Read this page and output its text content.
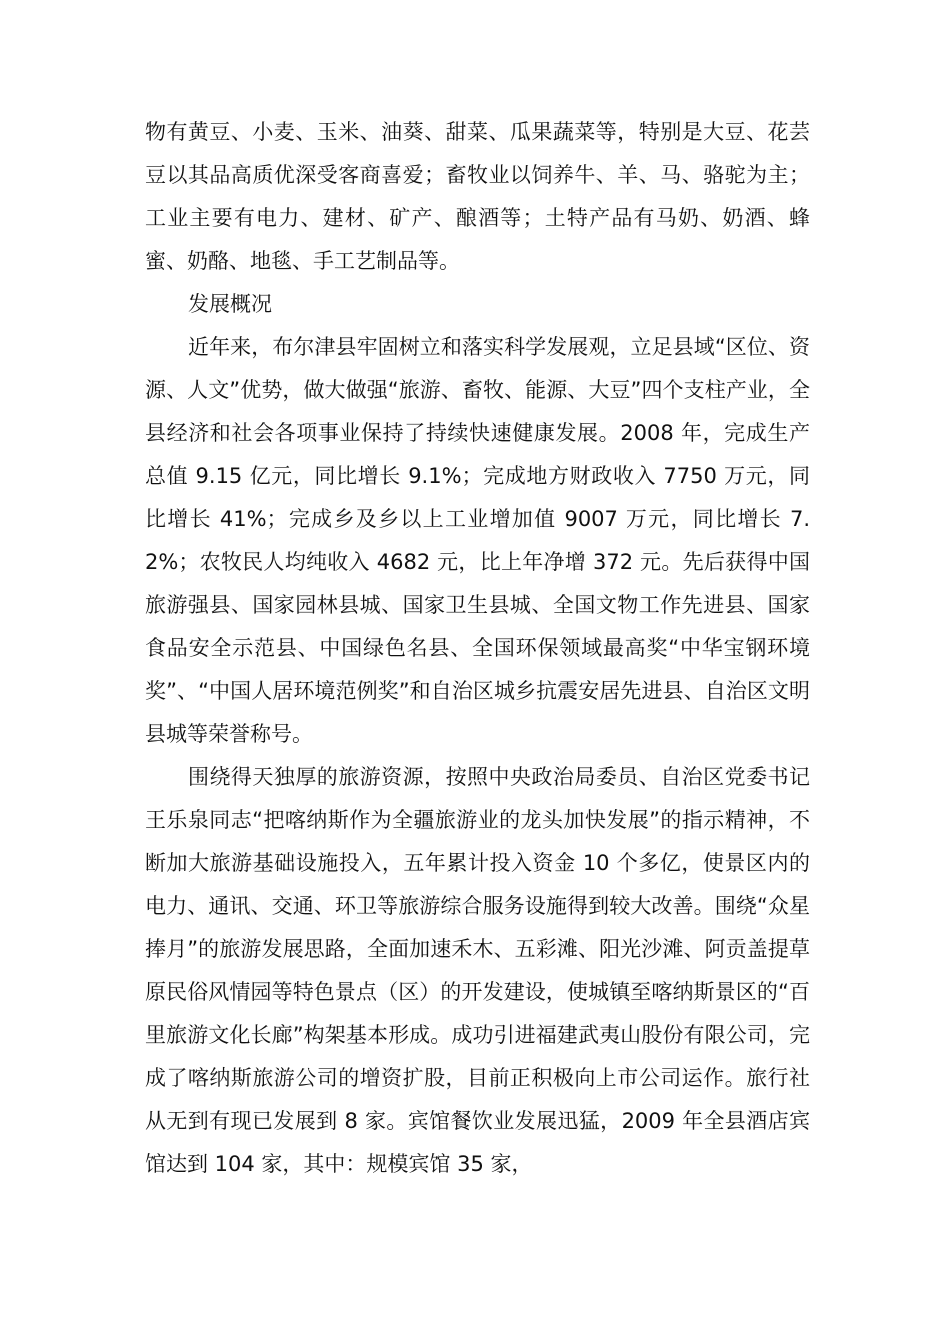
物有黄豆、小麦、玉米、油葵、甜菜、瓜果蔬菜等，特别是大豆、花芸豆以其品高质优深受客商喜爱；畜牧业以饲养牛、羊、马、骆驼为主；工业主要有电力、建材、矿产、酿酒等；土特产品有马奶、奶酒、蜂蜜、奶酪、地毯、手工艺制品等。

发展概况

近年来，布尔津县牢固树立和落实科学发展观，立足县域“区位、资源、人文”优势，做大做强“旅游、畜牧、能源、大豆”四个支柱产业，全县经济和社会各项事业保持了持续快速健康发展。2008 年，完成生产总值 9.15 亿元，同比增长 9.1%；完成地方财政收入 7750 万元，同比增长 41%；完成乡及乡以上工业增加值 9007 万元，同比增长 7.2%；农牧民人均纯收入 4682 元，比上年净增 372 元。先后获得中国旅游强县、国家园林县城、国家卫生县城、全国文物工作先进县、国家食品安全示范县、中国绿色名县、全国环保领域最高奖“中华宝钢环境奖”、“中国人居环境范例奖”和自治区城乡抗震安居先进县、自治区文明县城等荣誉称号。

围绕得天独厚的旅游资源，按照中央政治局委员、自治区党委书记王乐泉同志“把喀纳斯作为全疆旅游业的龙头加快发展”的指示精神，不断加大旅游基础设施投入，五年累计投入资金 10 个多亿，使景区内的电力、通讯、交通、环卫等旅游综合服务设施得到较大改善。围绕“众星捧月”的旅游发展思路，全面加速禾木、五彩滩、阳光沙滩、阿贡盖提草原民俗风情园等特色景点（区）的开发建设，使城镇至喀纳斯景区的“百里旅游文化长廊”构架基本形成。成功引进福建武夷山股份有限公司，完成了喀纳斯旅游公司的增资扩股，目前正积极向上市公司运作。旅行社从无到有现已发展到 8 家。宾馆餐饮业发展迅猛，2009 年全县酒店宾馆达到 104 家，其中：规模宾馆 35 家，
